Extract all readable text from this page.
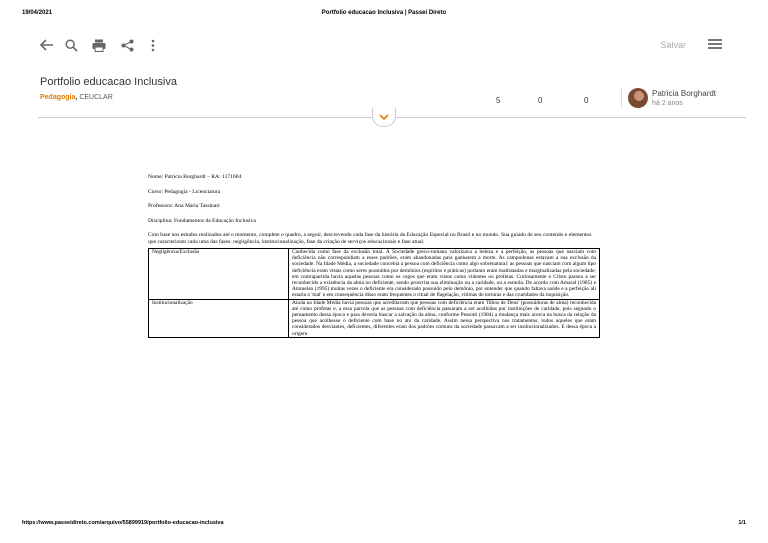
19/04/2021	Portfolio educacao Inclusiva | Passei Direto
Salvar
Portfolio educacao Inclusiva
Pedagogia, CEUCLAR	5	0	0
Patricia Borghardt
há 2 anos

Nome: Patricia Borghardt – RA: 1171604

Curso: Pedagogia - Licenciatura

Professora: Ana Maria Tassinari

Disciplina: Fundamentos da Educação Inclusiva

Com base nos estudos realizados até o momento, complete o quadro, a seguir, descrevendo cada fase da história da Educação Especial no Brasil e no mundo. Sua guiado de seu conteúdo e elementos que caracterizam cada uma das fases: negligência, institucionalização, fase da criação de serviços educacionais e fase atual.

Negligência/Exclusão	Conhecida como fase da exclusão total. A Sociedade greco-romana valorizava a beleza e a perfeição, as pessoas que nasciam com deficiência não correspondiam a esses padrões, eram abandonadas para ganharem a morte. As campodonas estavam a sua exclusão da sociedade. Na Idade Média, a sociedade concebia a pessoa com deficiência como algo sobrenatural: as pessoas que nasciam com algum tipo deficiência eram vistas como seres possuídos por demônios (espíritos e práticas) portanto eram maltratadas e marginalizadas pela sociedade; em contrapartida havia aquelas pessoas como os cegos que eram vistos como videntes ou profetas. Curiosamente o Cristo passou a ser reconhecido a existência da alma no deficiente, sendo proscrita sua eliminação ou a caridade, ou a esmola. De acordo com Amaral (1985) e Aminelan (1995) muitas vezes o deficiente era considerado possuído pelo demônio, por entender que quando faltava saúde e a perfeição ali estaria o 'mal' e em consequência disso eram frequentes o ritual de flagelação, vítimas de torturas e das crueldades da inquisição.
Institucionalização	Ainda na Idade Média havia pessoas que acreditavam que pessoas com deficiência eram 'filhos de Deus' (possuidoras de alma) reconhecida até como profetas e, a essa parcela que as pessoas com deficiência passaram a ser acolhidas por instituições de caridade, pois segundo o pensamento dessa época e para deveria buscar a salvação da alma, conforme Pessotti (1984) a mudança mais acerca na busca da relação da pessoa que acolhesse o deficiente com base no ato da caridade. Assim nessa perspectiva nos tratamentos, todos aqueles que eram considerados desviantes, deficientes, diferentes eram dos padrões comuns da sociedade passavam a ser institucionalizados. E dessa época a origem
https://www.passeidireto.com/arquivo/55899919/portfolio-educacao-inclusiva	1/1
